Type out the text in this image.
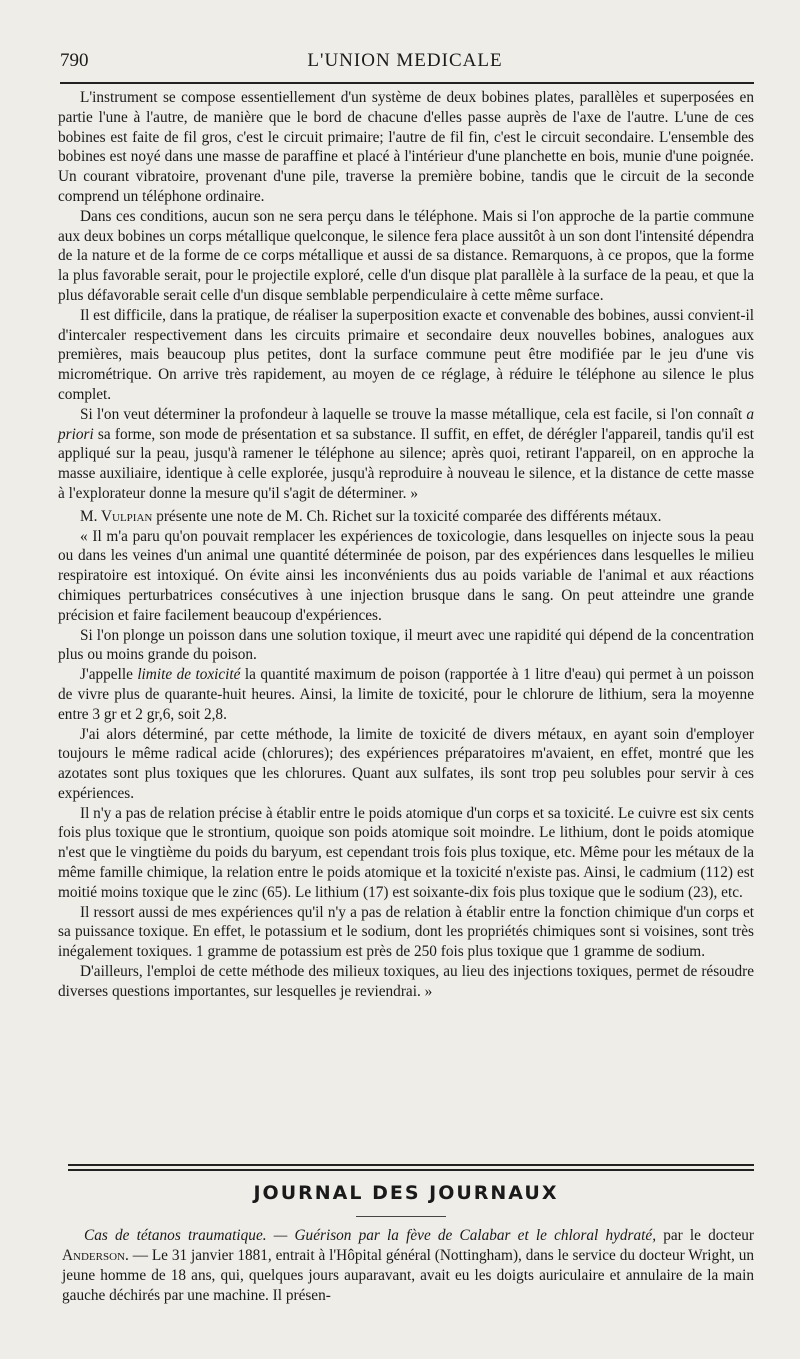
790	L'UNION MEDICALE

L'instrument se compose essentiellement d'un système de deux bobines plates, parallèles et superposées en partie l'une à l'autre, de manière que le bord de chacune d'elles passe auprès de l'axe de l'autre. L'une de ces bobines est faite de fil gros, c'est le circuit primaire; l'autre de fil fin, c'est le circuit secondaire. L'ensemble des bobines est noyé dans une masse de paraffine et placé à l'intérieur d'une planchette en bois, munie d'une poignée. Un courant vibratoire, provenant d'une pile, traverse la première bobine, tandis que le circuit de la seconde comprend un téléphone ordinaire.

Dans ces conditions, aucun son ne sera perçu dans le téléphone. Mais si l'on approche de la partie commune aux deux bobines un corps métallique quelconque, le silence fera place aussitôt à un son dont l'intensité dépendra de la nature et de la forme de ce corps métallique et aussi de sa distance. Remarquons, à ce propos, que la forme la plus favorable serait, pour le projectile exploré, celle d'un disque plat parallèle à la surface de la peau, et que la plus défavorable serait celle d'un disque semblable perpendiculaire à cette même surface.

Il est difficile, dans la pratique, de réaliser la superposition exacte et convenable des bobines, aussi convient-il d'intercaler respectivement dans les circuits primaire et secondaire deux nouvelles bobines, analogues aux premières, mais beaucoup plus petites, dont la surface commune peut être modifiée par le jeu d'une vis micrométrique. On arrive très rapidement, au moyen de ce réglage, à réduire le téléphone au silence le plus complet.

Si l'on veut déterminer la profondeur à laquelle se trouve la masse métallique, cela est facile, si l'on connaît a priori sa forme, son mode de présentation et sa substance. Il suffit, en effet, de dérégler l'appareil, tandis qu'il est appliqué sur la peau, jusqu'à ramener le téléphone au silence; après quoi, retirant l'appareil, on en approche la masse auxiliaire, identique à celle explorée, jusqu'à reproduire à nouveau le silence, et la distance de cette masse à l'explorateur donne la mesure qu'il s'agit de déterminer. »

M. Vulpian présente une note de M. Ch. Richet sur la toxicité comparée des différents métaux.

« Il m'a paru qu'on pouvait remplacer les expériences de toxicologie, dans lesquelles on injecte sous la peau ou dans les veines d'un animal une quantité déterminée de poison, par des expériences dans lesquelles le milieu respiratoire est intoxiqué. On évite ainsi les inconvénients dus au poids variable de l'animal et aux réactions chimiques perturbatrices consécutives à une injection brusque dans le sang. On peut atteindre une grande précision et faire facilement beaucoup d'expériences.

Si l'on plonge un poisson dans une solution toxique, il meurt avec une rapidité qui dépend de la concentration plus ou moins grande du poison.

J'appelle limite de toxicité la quantité maximum de poison (rapportée à 1 litre d'eau) qui permet à un poisson de vivre plus de quarante-huit heures. Ainsi, la limite de toxicité, pour le chlorure de lithium, sera la moyenne entre 3 gr et 2 gr,6, soit 2,8.

J'ai alors déterminé, par cette méthode, la limite de toxicité de divers métaux, en ayant soin d'employer toujours le même radical acide (chlorures); des expériences préparatoires m'avaient, en effet, montré que les azotates sont plus toxiques que les chlorures. Quant aux sulfates, ils sont trop peu solubles pour servir à ces expériences.

Il n'y a pas de relation précise à établir entre le poids atomique d'un corps et sa toxicité. Le cuivre est six cents fois plus toxique que le strontium, quoique son poids atomique soit moindre. Le lithium, dont le poids atomique n'est que le vingtième du poids du baryum, est cependant trois fois plus toxique, etc. Même pour les métaux de la même famille chimique, la relation entre le poids atomique et la toxicité n'existe pas. Ainsi, le cadmium (112) est moitié moins toxique que le zinc (65). Le lithium (17) est soixante-dix fois plus toxique que le sodium (23), etc.

Il ressort aussi de mes expériences qu'il n'y a pas de relation à établir entre la fonction chimique d'un corps et sa puissance toxique. En effet, le potassium et le sodium, dont les propriétés chimiques sont si voisines, sont très inégalement toxiques. 1 gramme de potassium est près de 250 fois plus toxique que 1 gramme de sodium.

D'ailleurs, l'emploi de cette méthode des milieux toxiques, au lieu des injections toxiques, permet de résoudre diverses questions importantes, sur lesquelles je reviendrai. »

JOURNAL DES JOURNAUX

Cas de tétanos traumatique. — Guérison par la fève de Calabar et le chloral hydraté, par le docteur Anderson. — Le 31 janvier 1881, entrait à l'Hôpital général (Nottingham), dans le service du docteur Wright, un jeune homme de 18 ans, qui, quelques jours auparavant, avait eu les doigts auriculaire et annulaire de la main gauche déchirés par une machine. Il présen-
